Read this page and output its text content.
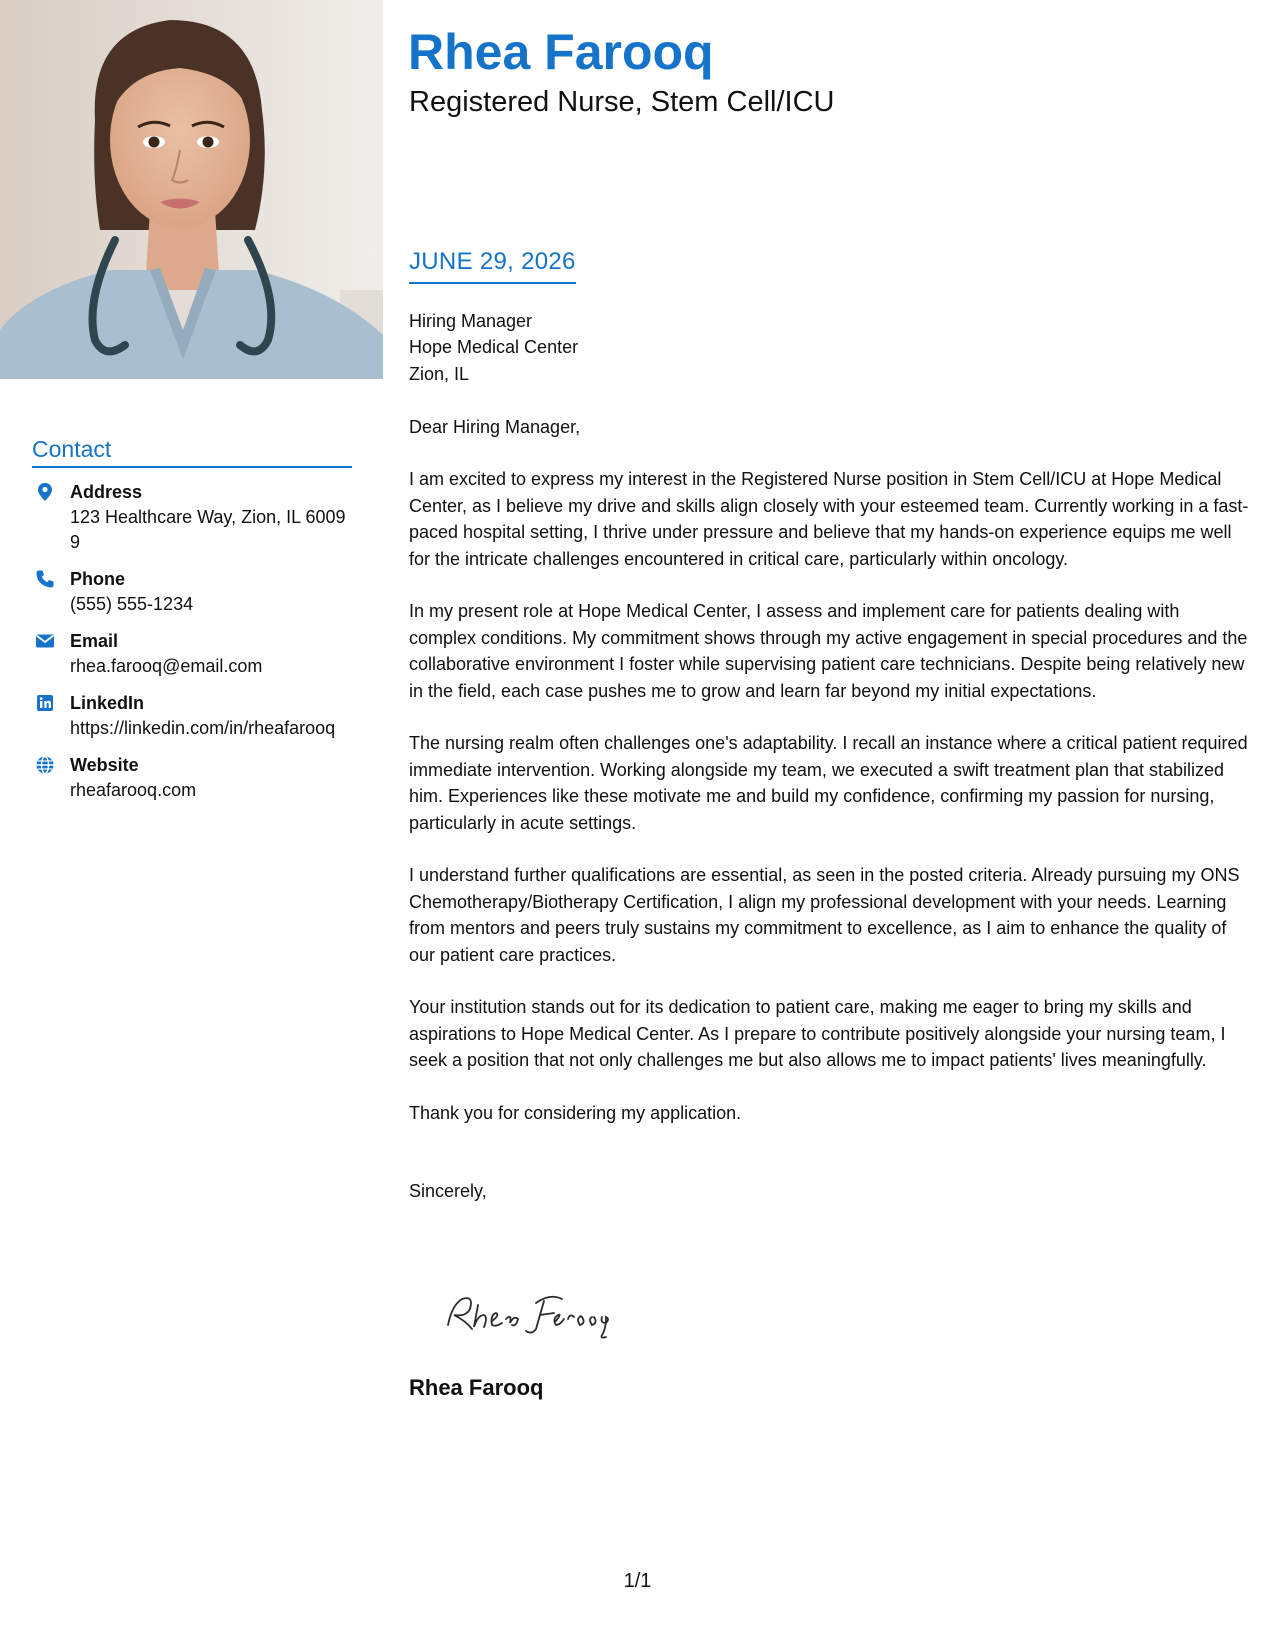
Contact
Address
123 Healthcare Way, Zion, IL 60099
Phone
(555) 555-1234
Email
rhea.farooq@email.com
LinkedIn
https://linkedin.com/in/rheafarooq
Website
rheafarooq.com
Rhea Farooq
Registered Nurse, Stem Cell/ICU
JUNE 29, 2026
Hiring Manager
Hope Medical Center
Zion, IL
Dear Hiring Manager,

I am excited to express my interest in the Registered Nurse position in Stem Cell/ICU at Hope Medical Center, as I believe my drive and skills align closely with your esteemed team. Currently working in a fast-paced hospital setting, I thrive under pressure and believe that my hands-on experience equips me well for the intricate challenges encountered in critical care, particularly within oncology.

In my present role at Hope Medical Center, I assess and implement care for patients dealing with complex conditions. My commitment shows through my active engagement in special procedures and the collaborative environment I foster while supervising patient care technicians. Despite being relatively new in the field, each case pushes me to grow and learn far beyond my initial expectations.

The nursing realm often challenges one's adaptability. I recall an instance where a critical patient required immediate intervention. Working alongside my team, we executed a swift treatment plan that stabilized him. Experiences like these motivate me and build my confidence, confirming my passion for nursing, particularly in acute settings.

I understand further qualifications are essential, as seen in the posted criteria. Already pursuing my ONS Chemotherapy/Biotherapy Certification, I align my professional development with your needs. Learning from mentors and peers truly sustains my commitment to excellence, as I aim to enhance the quality of our patient care practices.

Your institution stands out for its dedication to patient care, making me eager to bring my skills and aspirations to Hope Medical Center. As I prepare to contribute positively alongside your nursing team, I seek a position that not only challenges me but also allows me to impact patients' lives meaningfully.

Thank you for considering my application.

Sincerely,
Rhea Farooq
1/1
